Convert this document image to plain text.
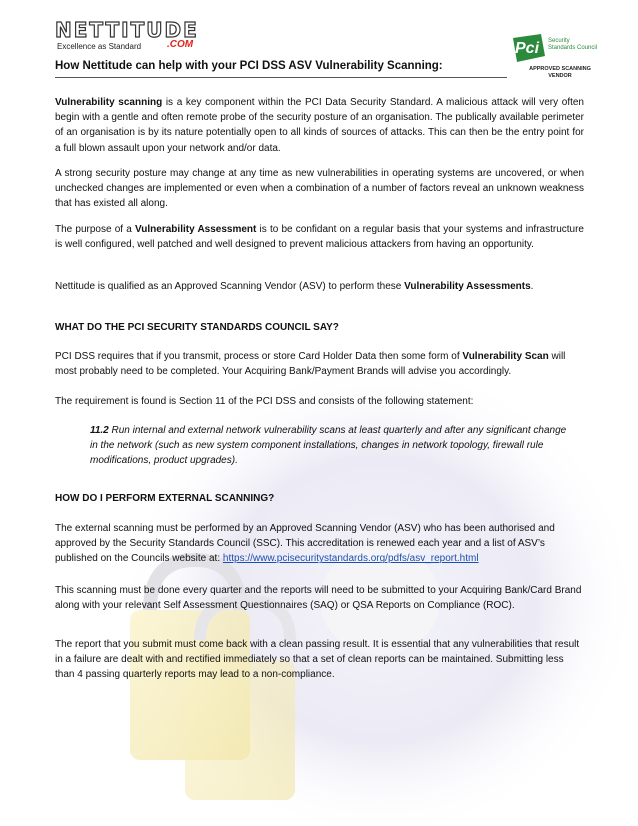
NETTITUDE
Excellence as Standard	.COM	Pci Security
Standards Council
APPROVED SCANNING
VENDOR
How Nettitude can help with your PCI DSS ASV Vulnerability Scanning:

Vulnerability scanning is a key component within the PCI Data Security Standard. A malicious attack will very often begin with a gentle and often remote probe of the security posture of an organisation. The publically available perimeter of an organisation is by its nature potentially open to all kinds of sources of attacks. This can then be the entry point for a full blown assault upon your network and/or data.

A strong security posture may change at any time as new vulnerabilities in operating systems are uncovered, or when unchecked changes are implemented or even when a combination of a number of factors reveal an unknown weakness that has existed all along.

The purpose of a Vulnerability Assessment is to be confidant on a regular basis that your systems and infrastructure is well configured, well patched and well designed to prevent malicious attackers from having an opportunity.

Nettitude is qualified as an Approved Scanning Vendor (ASV) to perform these Vulnerability Assessments.

WHAT DO THE PCI SECURITY STANDARDS COUNCIL SAY?

PCI DSS requires that if you transmit, process or store Card Holder Data then some form of Vulnerability Scan will most probably need to be completed. Your Acquiring Bank/Payment Brands will advise you accordingly.

The requirement is found is Section 11 of the PCI DSS and consists of the following statement:

11.2 Run internal and external network vulnerability scans at least quarterly and after any significant change in the network (such as new system component installations, changes in network topology, firewall rule modifications, product upgrades).

HOW DO I PERFORM EXTERNAL SCANNING?

The external scanning must be performed by an Approved Scanning Vendor (ASV) who has been authorised and approved by the Security Standards Council (SSC). This accreditation is renewed each year and a list of ASV’s published on the Councils website at: https://www.pcisecuritystandards.org/pdfs/asv_report.html

This scanning must be done every quarter and the reports will need to be submitted to your Acquiring Bank/Card Brand along with your relevant Self Assessment Questionnaires (SAQ) or QSA Reports on Compliance (ROC).

The report that you submit must come back with a clean passing result. It is essential that any vulnerabilities that result in a failure are dealt with and rectified immediately so that a set of clean reports can be maintained. Submitting less than 4 passing quarterly reports may lead to a non-compliance.
